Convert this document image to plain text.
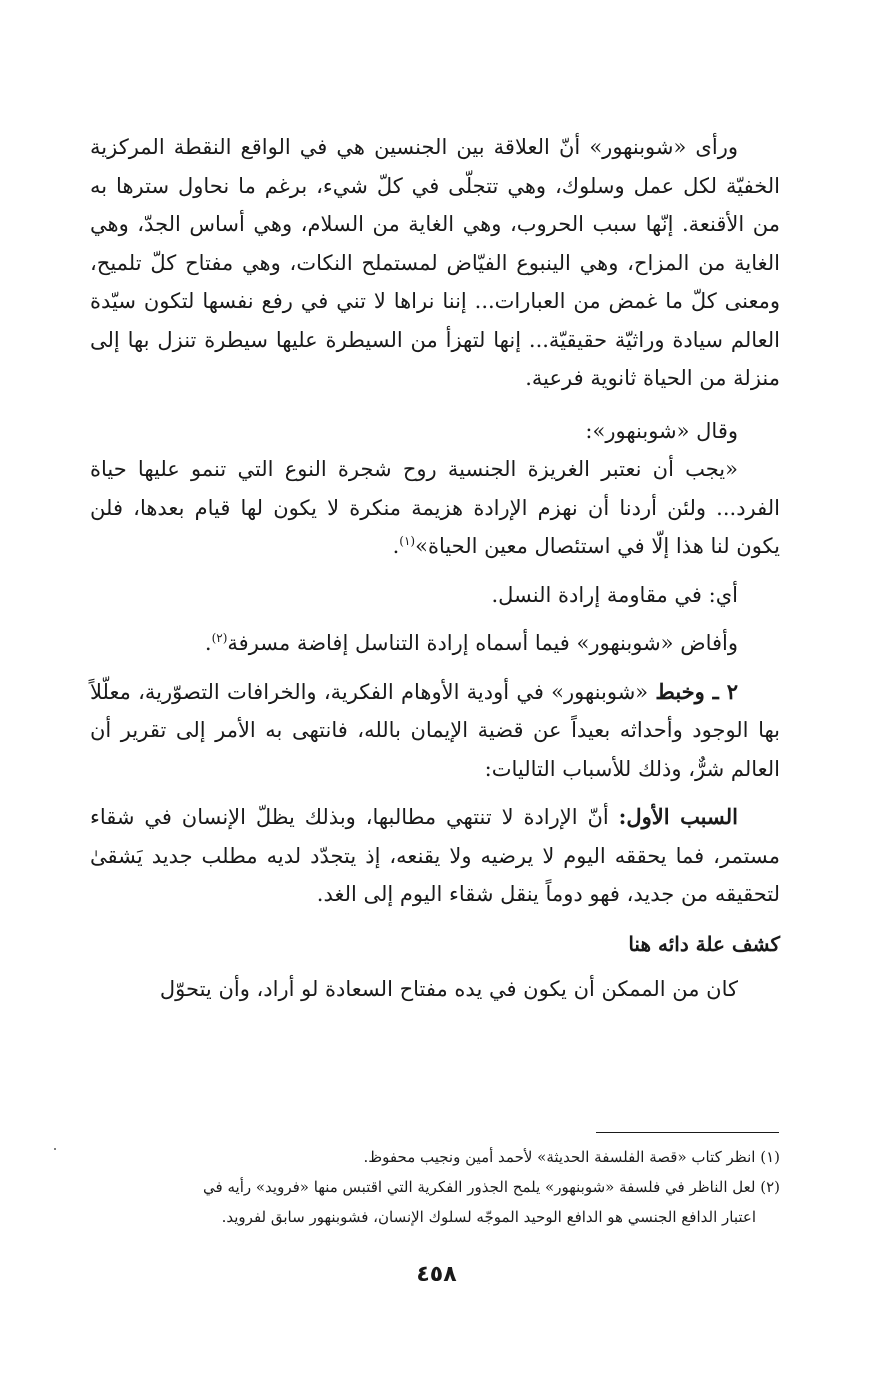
ورأى «شوبنهور» أنّ العلاقة بين الجنسين هي في الواقع النقطة المركزية الخفيّة لكل عمل وسلوك، وهي تتجلّى في كلّ شيء، برغم ما نحاول سترها به من الأقنعة. إنّها سبب الحروب، وهي الغاية من السلام، وهي أساس الجدّ، وهي الغاية من المزاح، وهي الينبوع الفيّاض لمستملح النكات، وهي مفتاح كلّ تلميح، ومعنى كلّ ما غمض من العبارات... إننا نراها لا تني في رفع نفسها لتكون سيّدة العالم سيادة وراثيّة حقيقيّة... إنها لتهزأ من السيطرة عليها سيطرة تنزل بها إلى منزلة من الحياة ثانوية فرعية.

وقال «شوبنهور»:

«يجب أن نعتبر الغريزة الجنسية روح شجرة النوع التي تنمو عليها حياة الفرد... ولئن أردنا أن نهزم الإرادة هزيمة منكرة لا يكون لها قيام بعدها، فلن يكون لنا هذا إلّا في استئصال معين الحياة»$^{(١)}$.

أي: في مقاومة إرادة النسل.

وأفاض «شوبنهور» فيما أسماه إرادة التناسل إفاضة مسرفة$^{(٢)}$.

٢ ـ وخبط «شوبنهور» في أودية الأوهام الفكرية، والخرافات التصوّرية، معلّلاً بها الوجود وأحداثه بعيداً عن قضية الإيمان بالله، فانتهى به الأمر إلى تقرير أن العالم شرٌّ، وذلك للأسباب التاليات:

السبب الأول: أنّ الإرادة لا تنتهي مطالبها، وبذلك يظلّ الإنسان في شقاء مستمر، فما يحققه اليوم لا يرضيه ولا يقنعه، إذ يتجدّد لديه مطلب جديد يَشقىٰ لتحقيقه من جديد، فهو دوماً ينقل شقاء اليوم إلى الغد.

كشف علة دائه هنا

كان من الممكن أن يكون في يده مفتاح السعادة لو أراد، وأن يتحوّل

(١) انظر كتاب «قصة الفلسفة الحديثة» لأحمد أمين ونجيب محفوظ.

(٢) لعل الناظر في فلسفة «شوبنهور» يلمح الجذور الفكرية التي اقتبس منها «فرويد» رأيه في

اعتبار الدافع الجنسي هو الدافع الوحيد الموجّه لسلوك الإنسان، فشوبنهور سابق لفرويد.

٤٥٨
